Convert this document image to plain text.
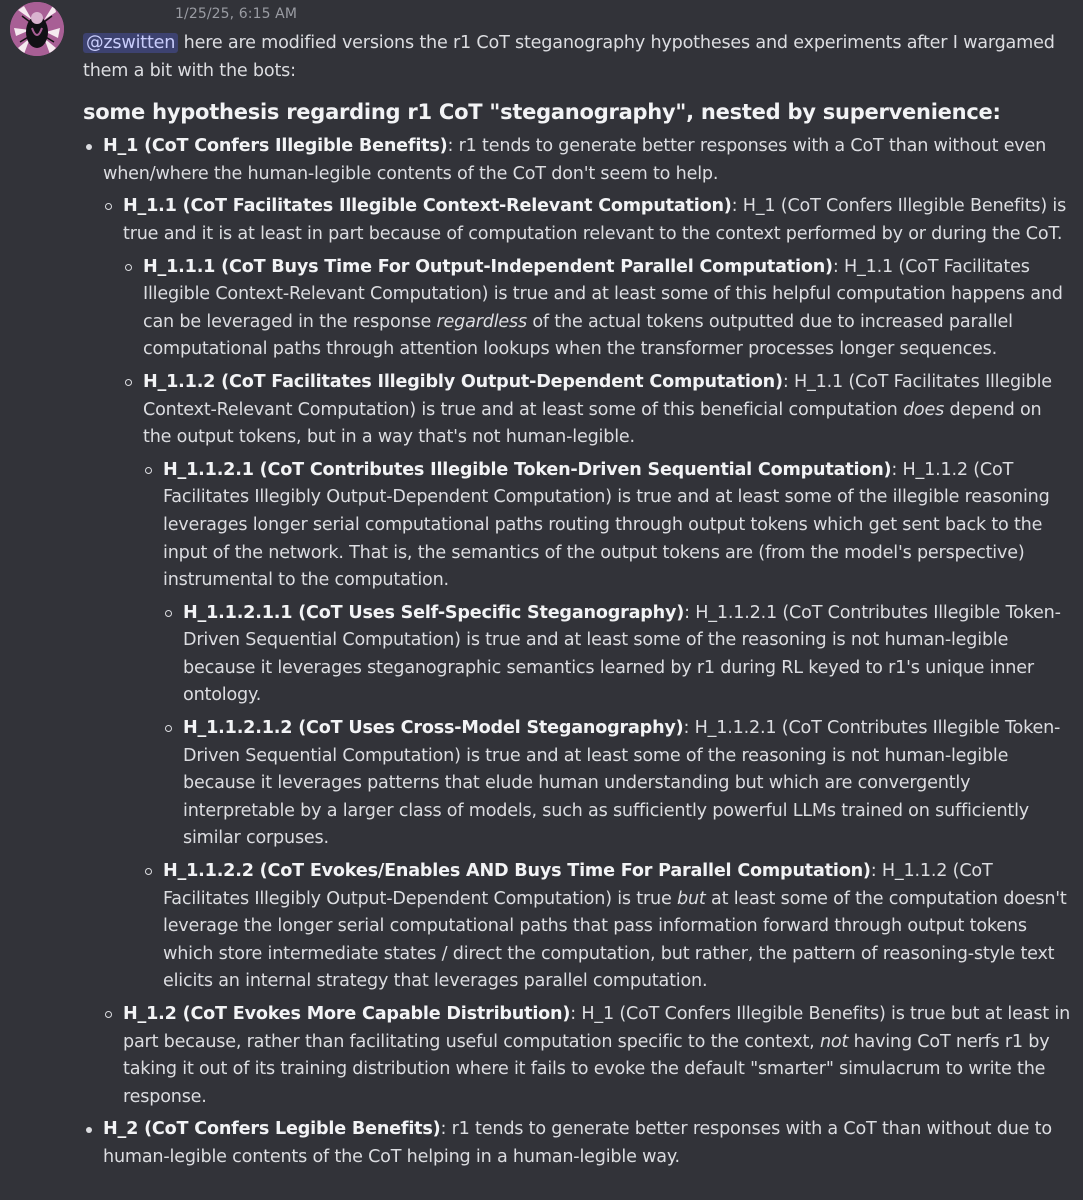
1/25/25, 6:15 AM

@zswitten here are modified versions the r1 CoT steganography hypotheses and experiments after I wargamed them a bit with the bots:

some hypothesis regarding r1 CoT "steganography", nested by supervenience:
H_1 (CoT Confers Illegible Benefits): r1 tends to generate better responses with a CoT than without even when/where the human-legible contents of the CoT don't seem to help.
H_1.1 (CoT Facilitates Illegible Context-Relevant Computation): H_1 (CoT Confers Illegible Benefits) is true and it is at least in part because of computation relevant to the context performed by or during the CoT.
H_1.1.1 (CoT Buys Time For Output-Independent Parallel Computation): H_1.1 (CoT Facilitates Illegible Context-Relevant Computation) is true and at least some of this helpful computation happens and can be leveraged in the response regardless of the actual tokens outputted due to increased parallel computational paths through attention lookups when the transformer processes longer sequences.
H_1.1.2 (CoT Facilitates Illegibly Output-Dependent Computation): H_1.1 (CoT Facilitates Illegible Context-Relevant Computation) is true and at least some of this beneficial computation does depend on the output tokens, but in a way that's not human-legible.
H_1.1.2.1 (CoT Contributes Illegible Token-Driven Sequential Computation): H_1.1.2 (CoT Facilitates Illegibly Output-Dependent Computation) is true and at least some of the illegible reasoning leverages longer serial computational paths routing through output tokens which get sent back to the input of the network. That is, the semantics of the output tokens are (from the model's perspective) instrumental to the computation.
H_1.1.2.1.1 (CoT Uses Self-Specific Steganography): H_1.1.2.1 (CoT Contributes Illegible Token-Driven Sequential Computation) is true and at least some of the reasoning is not human-legible because it leverages steganographic semantics learned by r1 during RL keyed to r1's unique inner ontology.
H_1.1.2.1.2 (CoT Uses Cross-Model Steganography): H_1.1.2.1 (CoT Contributes Illegible Token-Driven Sequential Computation) is true and at least some of the reasoning is not human-legible because it leverages patterns that elude human understanding but which are convergently interpretable by a larger class of models, such as sufficiently powerful LLMs trained on sufficiently similar corpuses.
H_1.1.2.2 (CoT Evokes/Enables AND Buys Time For Parallel Computation): H_1.1.2 (CoT Facilitates Illegibly Output-Dependent Computation) is true but at least some of the computation doesn't leverage the longer serial computational paths that pass information forward through output tokens which store intermediate states / direct the computation, but rather, the pattern of reasoning-style text elicits an internal strategy that leverages parallel computation.
H_1.2 (CoT Evokes More Capable Distribution): H_1 (CoT Confers Illegible Benefits) is true but at least in part because, rather than facilitating useful computation specific to the context, not having CoT nerfs r1 by taking it out of its training distribution where it fails to evoke the default "smarter" simulacrum to write the response.
H_2 (CoT Confers Legible Benefits): r1 tends to generate better responses with a CoT than without due to human-legible contents of the CoT helping in a human-legible way.
